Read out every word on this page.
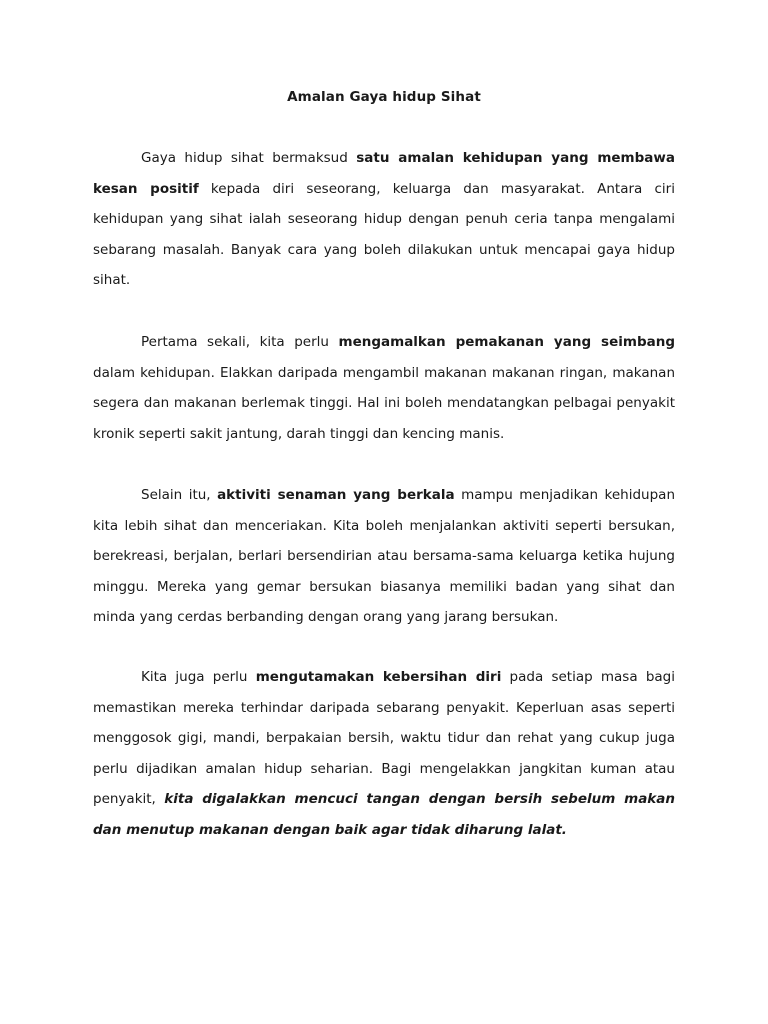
Amalan Gaya hidup Sihat

Gaya hidup sihat bermaksud satu amalan kehidupan yang membawa kesan positif kepada diri seseorang, keluarga dan masyarakat. Antara ciri kehidupan yang sihat ialah seseorang hidup dengan penuh ceria tanpa mengalami sebarang masalah. Banyak cara yang boleh dilakukan untuk mencapai gaya hidup sihat.

Pertama sekali, kita perlu mengamalkan pemakanan yang seimbang dalam kehidupan. Elakkan daripada mengambil makanan makanan ringan, makanan segera dan makanan berlemak tinggi. Hal ini boleh mendatangkan pelbagai penyakit kronik seperti sakit jantung, darah tinggi dan kencing manis.

Selain itu, aktiviti senaman yang berkala mampu menjadikan kehidupan kita lebih sihat dan menceriakan. Kita boleh menjalankan aktiviti seperti bersukan, berekreasi, berjalan, berlari bersendirian atau bersama-sama keluarga ketika hujung minggu. Mereka yang gemar bersukan biasanya memiliki badan yang sihat dan minda yang cerdas berbanding dengan orang yang jarang bersukan.

Kita juga perlu mengutamakan kebersihan diri pada setiap masa bagi memastikan mereka terhindar daripada sebarang penyakit. Keperluan asas seperti menggosok gigi, mandi, berpakaian bersih, waktu tidur dan rehat yang cukup juga perlu dijadikan amalan hidup seharian. Bagi mengelakkan jangkitan kuman atau penyakit, kita digalakkan mencuci tangan dengan bersih sebelum makan dan menutup makanan dengan baik agar tidak diharung lalat.
